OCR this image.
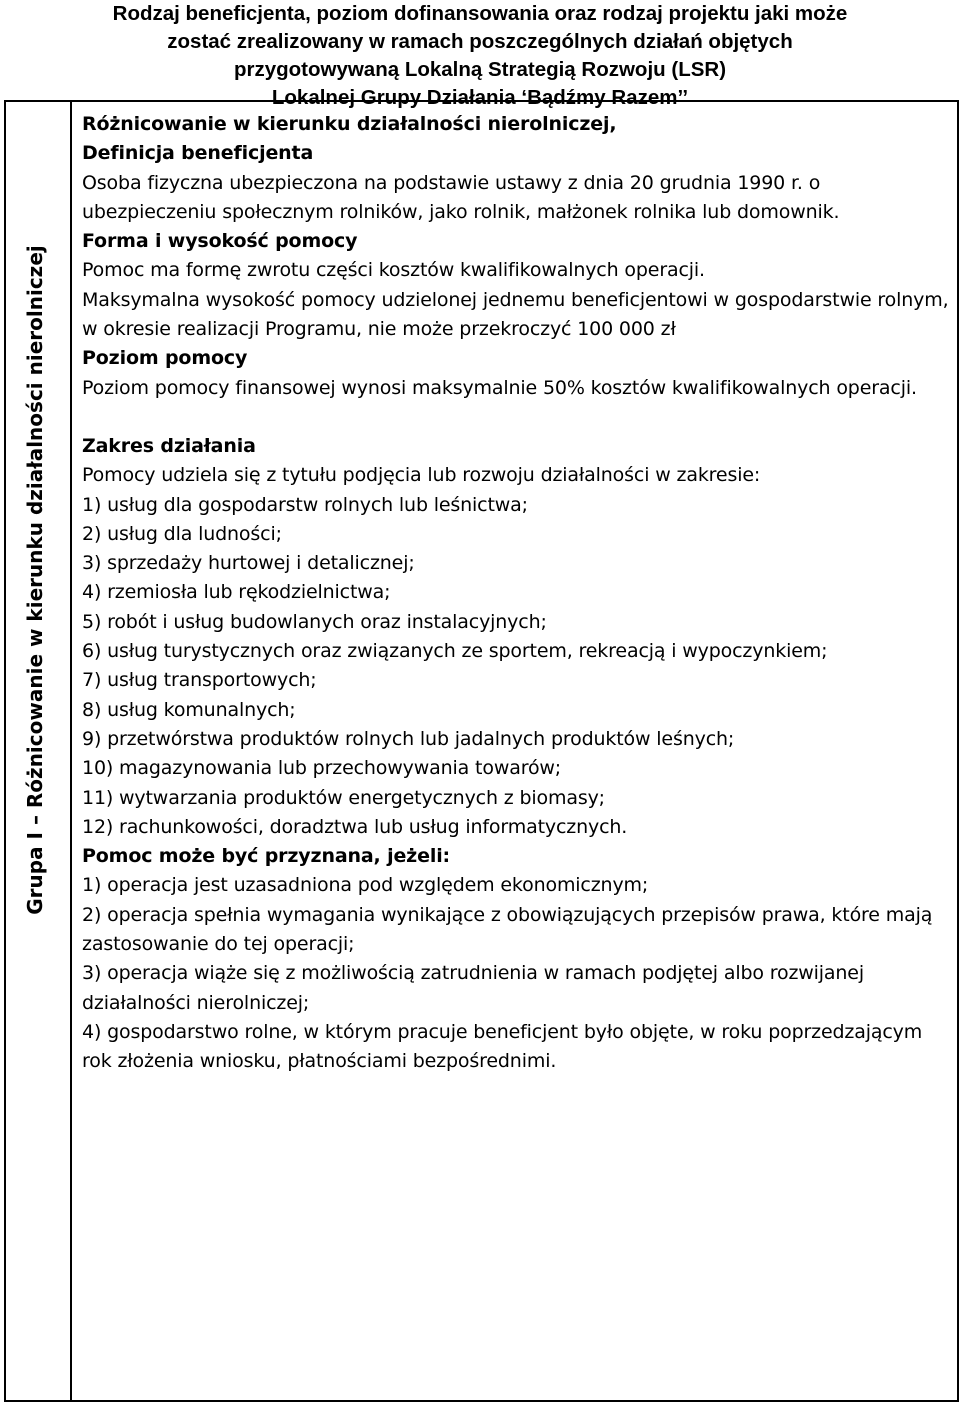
Rodzaj beneficjenta, poziom dofinansowania oraz rodzaj projektu jaki może
zostać zrealizowany w ramach poszczególnych działań objętych
przygotowywaną Lokalną Strategią Rozwoju (LSR)
Lokalnej Grupy Działania ‘Bądźmy Razem’’
Grupa I – Różnicowanie w kierunku działalności nierolniczej

Różnicowanie w kierunku działalności nierolniczej,

Definicja beneficjenta

Osoba fizyczna ubezpieczona na podstawie ustawy z dnia 20 grudnia 1990 r. o ubezpieczeniu społecznym rolników, jako rolnik, małżonek rolnika lub domownik.

Forma i wysokość pomocy

Pomoc ma formę zwrotu części kosztów kwalifikowalnych operacji.

Maksymalna wysokość pomocy udzielonej jednemu beneficjentowi w gospodarstwie rolnym, w okresie realizacji Programu, nie może przekroczyć 100 000 zł

Poziom pomocy

Poziom pomocy finansowej wynosi maksymalnie 50% kosztów kwalifikowalnych operacji.

Zakres działania

Pomocy udziela się z tytułu podjęcia lub rozwoju działalności w zakresie:

1) usług dla gospodarstw rolnych lub leśnictwa;

2) usług dla ludności;

3) sprzedaży hurtowej i detalicznej;

4) rzemiosła lub rękodzielnictwa;

5) robót i usług budowlanych oraz instalacyjnych;

6) usług turystycznych oraz związanych ze sportem, rekreacją i wypoczynkiem;

7) usług transportowych;

8) usług komunalnych;

9) przetwórstwa produktów rolnych lub jadalnych produktów leśnych;

10) magazynowania lub przechowywania towarów;

11) wytwarzania produktów energetycznych z biomasy;

12) rachunkowości, doradztwa lub usług informatycznych.

Pomoc może być przyznana, jeżeli:

1) operacja jest uzasadniona pod względem ekonomicznym;

2) operacja spełnia wymagania wynikające z obowiązujących przepisów prawa, które mają zastosowanie do tej operacji;

3) operacja wiąże się z możliwością zatrudnienia w ramach podjętej albo rozwijanej działalności nierolniczej;

4) gospodarstwo rolne, w którym pracuje beneficjent było objęte, w roku poprzedzającym rok złożenia wniosku, płatnościami bezpośrednimi.
